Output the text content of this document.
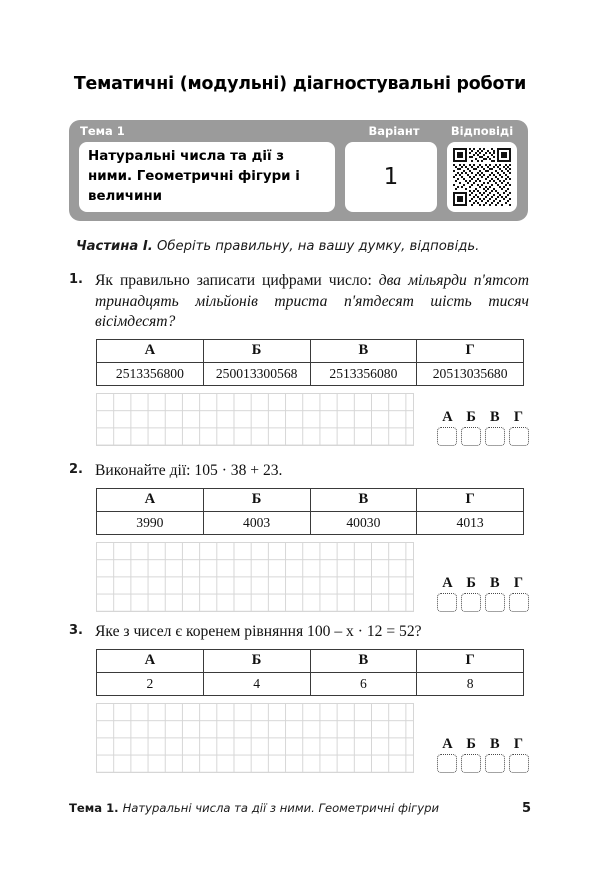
Тематичні (модульні) діагностувальні роботи
Тема 1
Натуральні числа та дії з ними. Геометричні фігури і величини
Варіант
1
Відповіді
Частина I. Оберіть правильну, на вашу думку, відповідь.
1. Як правильно записати цифрами число: два мільярди п'ятсот тринадцять мільйонів триста п'ятдесят шість тисяч вісімдесят?
А	Б	В	Г
2513356800	250013300568	2513356080	20513035680
А Б В Г
2. Виконайте дії: 105 · 38 + 23.
А	Б	В	Г
3990	4003	40030	4013
А Б В Г
3. Яке з чисел є коренем рівняння 100 – x · 12 = 52?
А	Б	В	Г
2	4	6	8
А Б В Г
Тема 1. Натуральні числа та дії з ними. Геометричні фігури	5
